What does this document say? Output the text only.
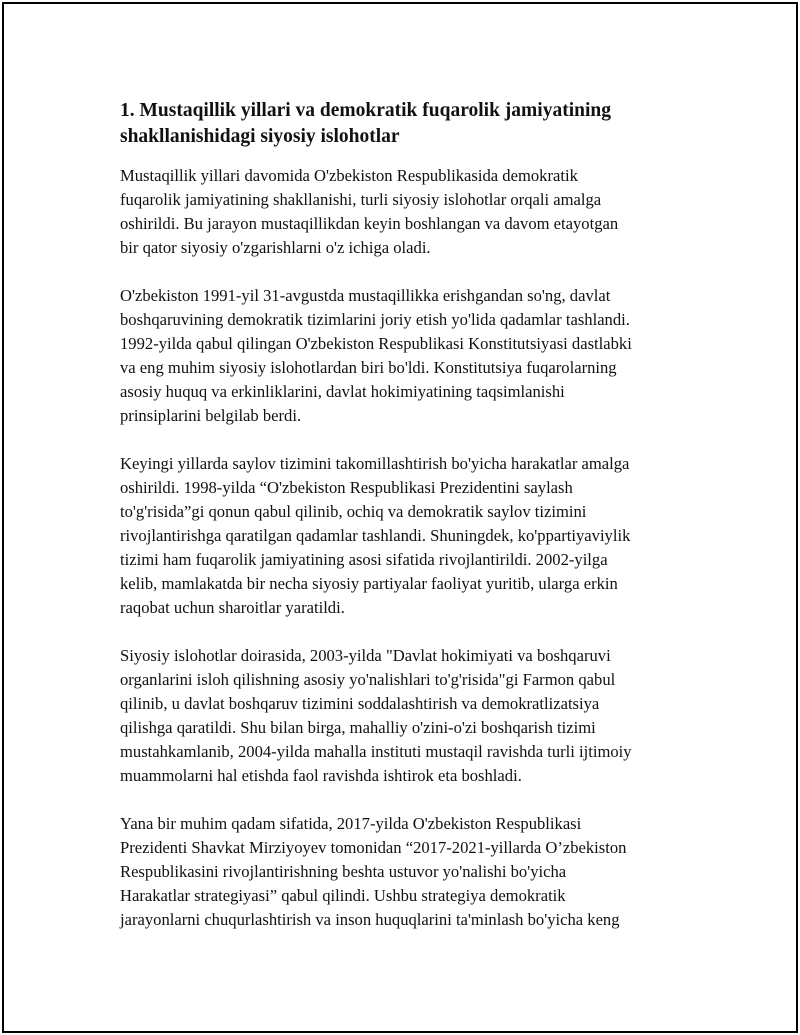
1. Mustaqillik yillari va demokratik fuqarolik jamiyatining
shakllanishidagi siyosiy islohotlar

Mustaqillik yillari davomida O'zbekiston Respublikasida demokratik
fuqarolik jamiyatining shakllanishi, turli siyosiy islohotlar orqali amalga
oshirildi. Bu jarayon mustaqillikdan keyin boshlangan va davom etayotgan
bir qator siyosiy o'zgarishlarni o'z ichiga oladi.

O'zbekiston 1991-yil 31-avgustda mustaqillikka erishgandan so'ng, davlat
boshqaruvining demokratik tizimlarini joriy etish yo'lida qadamlar tashlandi.
1992-yilda qabul qilingan O'zbekiston Respublikasi Konstitutsiyasi dastlabki
va eng muhim siyosiy islohotlardan biri bo'ldi. Konstitutsiya fuqarolarning
asosiy huquq va erkinliklarini, davlat hokimiyatining taqsimlanishi
prinsiplarini belgilab berdi.

Keyingi yillarda saylov tizimini takomillashtirish bo'yicha harakatlar amalga
oshirildi. 1998-yilda “O'zbekiston Respublikasi Prezidentini saylash
to'g'risida”gi qonun qabul qilinib, ochiq va demokratik saylov tizimini
rivojlantirishga qaratilgan qadamlar tashlandi. Shuningdek, ko'ppartiyaviylik
tizimi ham fuqarolik jamiyatining asosi sifatida rivojlantirildi. 2002-yilga
kelib, mamlakatda bir necha siyosiy partiyalar faoliyat yuritib, ularga erkin
raqobat uchun sharoitlar yaratildi.

Siyosiy islohotlar doirasida, 2003-yilda "Davlat hokimiyati va boshqaruvi
organlarini isloh qilishning asosiy yo'nalishlari to'g'risida"gi Farmon qabul
qilinib, u davlat boshqaruv tizimini soddalashtirish va demokratlizatsiya
qilishga qaratildi. Shu bilan birga, mahalliy o'zini-o'zi boshqarish tizimi
mustahkamlanib, 2004-yilda mahalla instituti mustaqil ravishda turli ijtimoiy
muammolarni hal etishda faol ravishda ishtirok eta boshladi.

Yana bir muhim qadam sifatida, 2017-yilda O'zbekiston Respublikasi
Prezidenti Shavkat Mirziyoyev tomonidan “2017-2021-yillarda O’zbekiston
Respublikasini rivojlantirishning beshta ustuvor yo'nalishi bo'yicha
Harakatlar strategiyasi” qabul qilindi. Ushbu strategiya demokratik
jarayonlarni chuqurlashtirish va inson huquqlarini ta'minlash bo'yicha keng
